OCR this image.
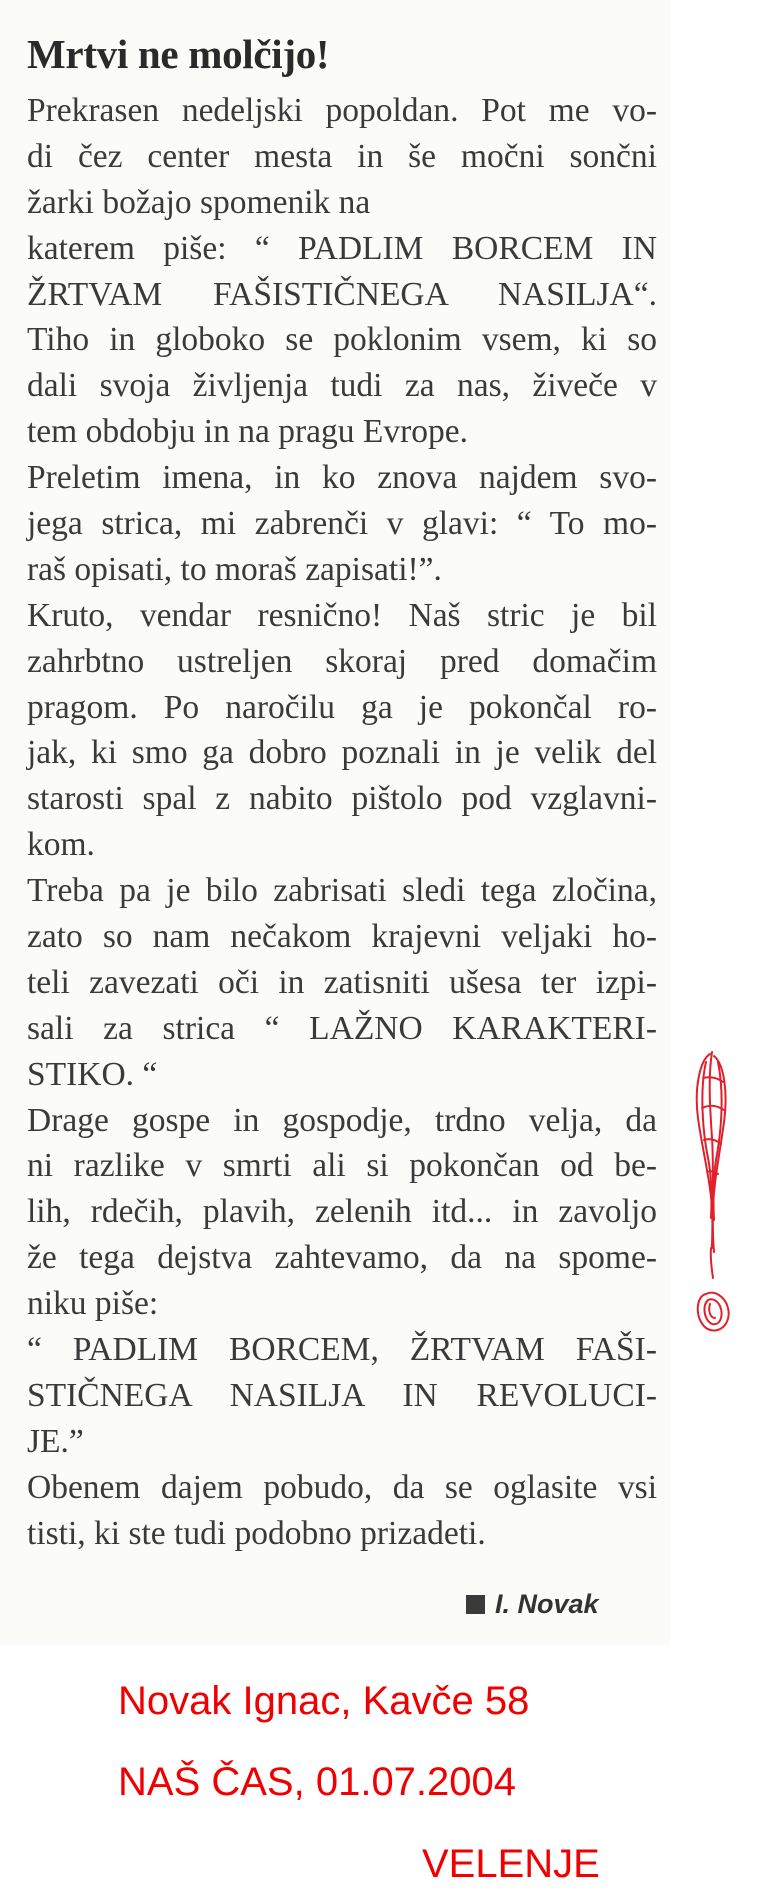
Mrtvi ne molčijo!
Prekrasen nedeljski popoldan. Pot me vo-
di čez center mesta in še močni sončni
žarki božajo spomenik na
katerem piše: “ PADLIM BORCEM IN
ŽRTVAM FAŠISTIČNEGA NASILJA“.
Tiho in globoko se poklonim vsem, ki so
dali svoja življenja tudi za nas, živeče v
tem obdobju in na pragu Evrope.
Preletim imena, in ko znova najdem svo-
jega strica, mi zabrenči v glavi: “ To mo-
raš opisati, to moraš zapisati!”.
Kruto, vendar resnično! Naš stric je bil
zahrbtno ustreljen skoraj pred domačim
pragom. Po naročilu ga je pokončal ro-
jak, ki smo ga dobro poznali in je velik del
starosti spal z nabito pištolo pod vzglavni-
kom.
Treba pa je bilo zabrisati sledi tega zločina,
zato so nam nečakom krajevni veljaki ho-
teli zavezati oči in zatisniti ušesa ter izpi-
sali za strica “ LAŽNO KARAKTERI-
STIKO. “
Drage gospe in gospodje, trdno velja, da
ni razlike v smrti ali si pokončan od be-
lih, rdečih, plavih, zelenih itd... in zavoljo
že tega dejstva zahtevamo, da na spome-
niku piše:
“ PADLIM BORCEM, ŽRTVAM FAŠI-
STIČNEGA NASILJA IN REVOLUCI-
JE.”
Obenem dajem pobudo, da se oglasite vsi
tisti, ki ste tudi podobno prizadeti.
I. Novak
Novak Ignac, Kavče 58
NAŠ ČAS, 01.07.2004
VELENJE
